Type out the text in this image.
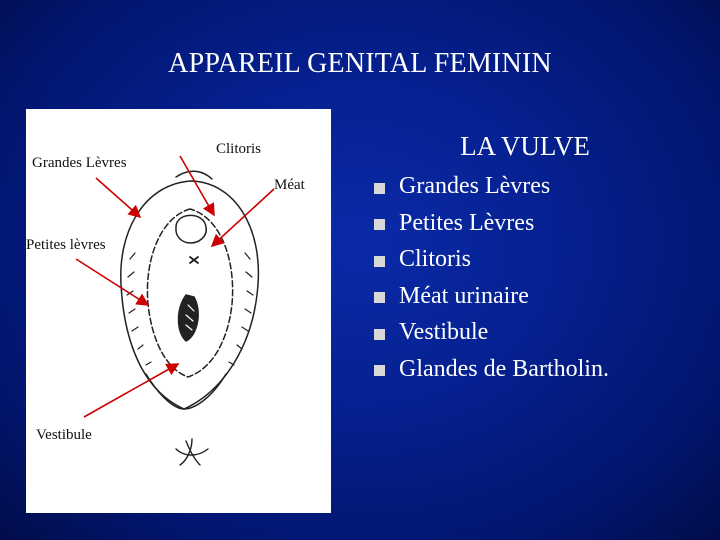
APPAREIL GENITAL FEMININ
Grandes Lèvres
Clitoris
Méat
Petites lèvres
Vestibule
LA VULVE
Grandes Lèvres
Petites Lèvres
Clitoris
Méat urinaire
Vestibule
Glandes de Bartholin.
